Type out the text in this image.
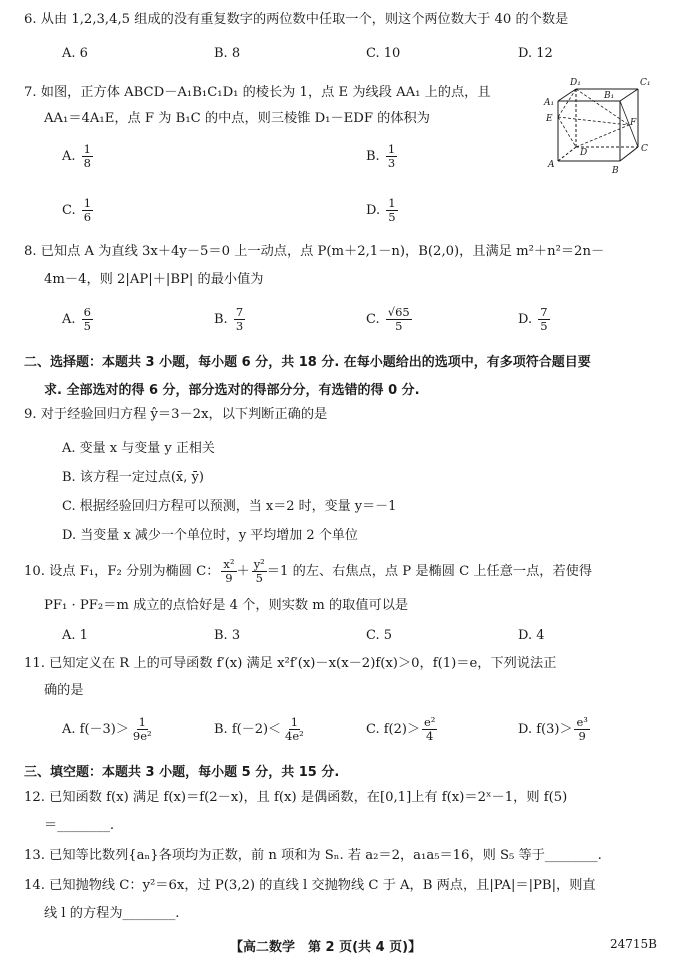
6. 从由 1,2,3,4,5 组成的没有重复数字的两位数中任取一个，则这个两位数大于 40 的个数是
A. 6	B. 8	C. 10	D. 12
7. 如图，正方体 ABCD－A₁B₁C₁D₁ 的棱长为 1，点 E 为线段 AA₁ 上的点，且
AA₁＝4A₁E，点 F 为 B₁C 的中点，则三棱锥 D₁－EDF 的体积为
D₁	C₁
A₁
B₁
E	F
D
A
B
C
A. $\frac{1}{8}$	B. $\frac{1}{3}$
C. $\frac{1}{6}$	D. $\frac{1}{5}$
8. 已知点 A 为直线 3x＋4y－5＝0 上一动点，点 P(m＋2,1－n)，B(2,0)，且满足 m²＋n²＝2n－
4m－4，则 2|AP|＋|BP| 的最小值为
A. $\frac{6}{5}$	B. $\frac{7}{3}$	C. $\frac{√65}{5}$	D. $\frac{7}{5}$
二、选择题：本题共 3 小题，每小题 6 分，共 18 分. 在每小题给出的选项中，有多项符合题目要
求. 全部选对的得 6 分，部分选对的得部分分，有选错的得 0 分.
9. 对于经验回归方程 ŷ＝3－2x，以下判断正确的是
A. 变量 x 与变量 y 正相关
B. 该方程一定过点(x̄, ȳ)
C. 根据经验回归方程可以预测，当 x＝2 时，变量 y＝－1
D. 当变量 x 减少一个单位时，y 平均增加 2 个单位
10. 设点 F₁，F₂ 分别为椭圆 C： $\frac{\text{x²}}{9} + \frac{\text{y²}}{5} =1$ 的左、右焦点，点 P 是椭圆 C 上任意一点，若使得
PF₁ · PF₂＝m 成立的点恰好是 4 个，则实数 m 的取值可以是
A. 1	B. 3	C. 5	D. 4
11. 已知定义在 R 上的可导函数 f′(x) 满足 x²f′(x)－x(x－2)f(x)＞0，f(1)＝e，下列说法正
确的是
A. $f(-3)> \frac{1}{\text{9e²}}$	B. $f(-2)< \frac{1}{\text{4e²}}$	C. $f(2)> \frac{\text{e²}}{4}$	D. $f(3)> \frac{\text{e³}}{9}$
三、填空题：本题共 3 小题，每小题 5 分，共 15 分.
12. 已知函数 f(x) 满足 f(x)＝f(2－x)，且 f(x) 是偶函数，在[0,1]上有 f(x)＝2ˣ－1，则 f(5)
＝________.
13. 已知等比数列{aₙ}各项均为正数，前 n 项和为 Sₙ. 若 a₂＝2，a₁a₅＝16，则 S₅ 等于________.
14. 已知抛物线 C：y²＝6x，过 P(3,2) 的直线 l 交抛物线 C 于 A，B 两点，且|PA|＝|PB|，则直
线 l 的方程为________.
【高二数学　第 2 页(共 4 页)】	24715B
